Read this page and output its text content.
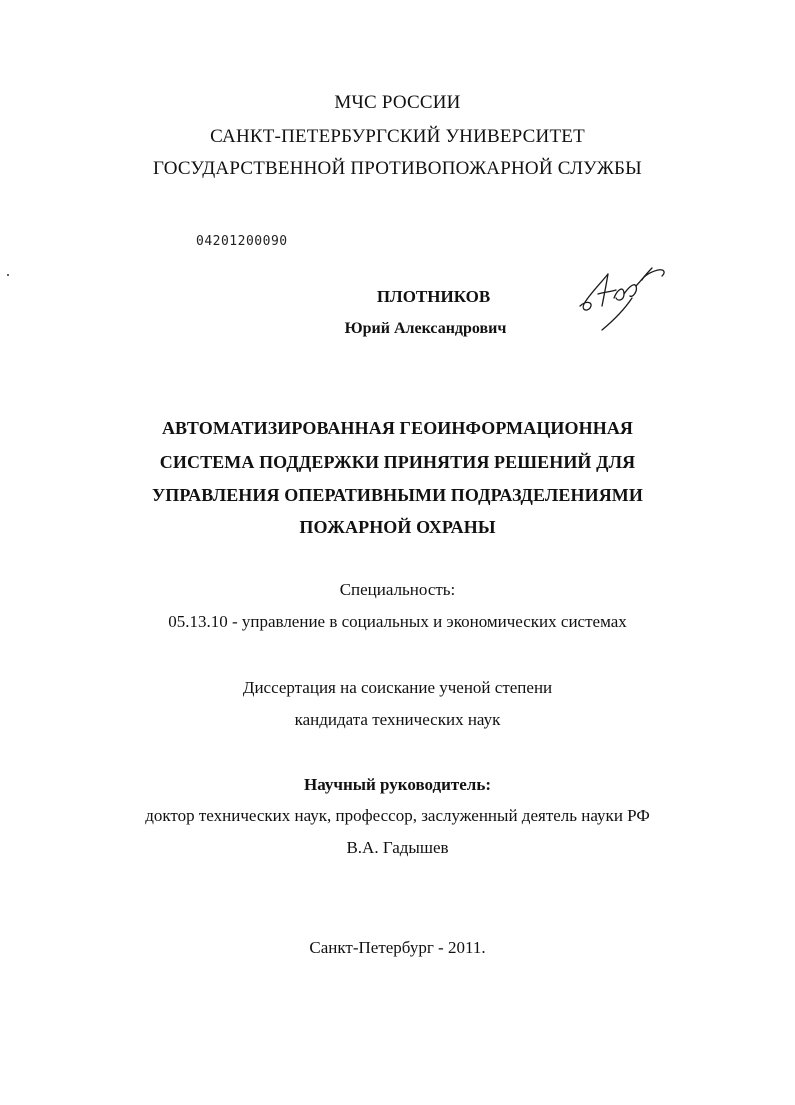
МЧС РОССИИ
САНКТ-ПЕТЕРБУРГСКИЙ УНИВЕРСИТЕТ
ГОСУДАРСТВЕННОЙ ПРОТИВОПОЖАРНОЙ СЛУЖБЫ
04201200090
ПЛОТНИКОВ
Юрий Александрович
АВТОМАТИЗИРОВАННАЯ ГЕОИНФОРМАЦИОННАЯ
СИСТЕМА ПОДДЕРЖКИ ПРИНЯТИЯ РЕШЕНИЙ ДЛЯ
УПРАВЛЕНИЯ ОПЕРАТИВНЫМИ ПОДРАЗДЕЛЕНИЯМИ
ПОЖАРНОЙ ОХРАНЫ
Специальность:
05.13.10 - управление в социальных и экономических системах
Диссертация на соискание ученой степени
кандидата технических наук
Научный руководитель:
доктор технических наук, профессор, заслуженный деятель науки РФ
В.А. Гадышев
Санкт-Петербург - 2011.
